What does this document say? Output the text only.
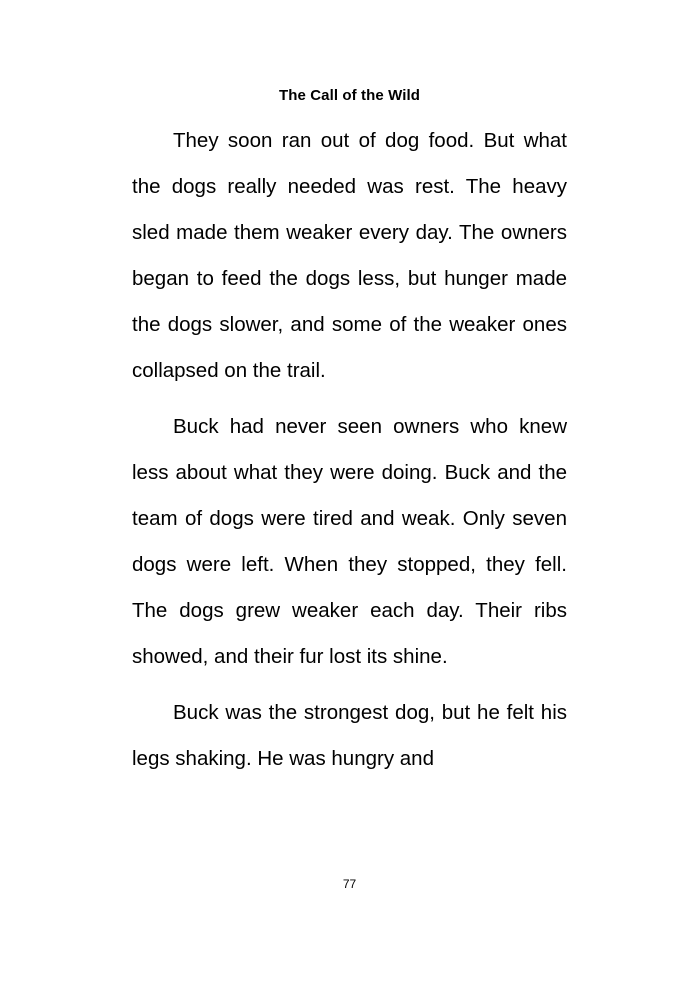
The Call of the Wild

They soon ran out of dog food. But what the dogs really needed was rest. The heavy sled made them weaker every day. The owners began to feed the dogs less, but hunger made the dogs slower, and some of the weaker ones collapsed on the trail.

Buck had never seen owners who knew less about what they were doing. Buck and the team of dogs were tired and weak. Only seven dogs were left. When they stopped, they fell. The dogs grew weaker each day. Their ribs showed, and their fur lost its shine.

Buck was the strongest dog, but he felt his legs shaking. He was hungry and

77
